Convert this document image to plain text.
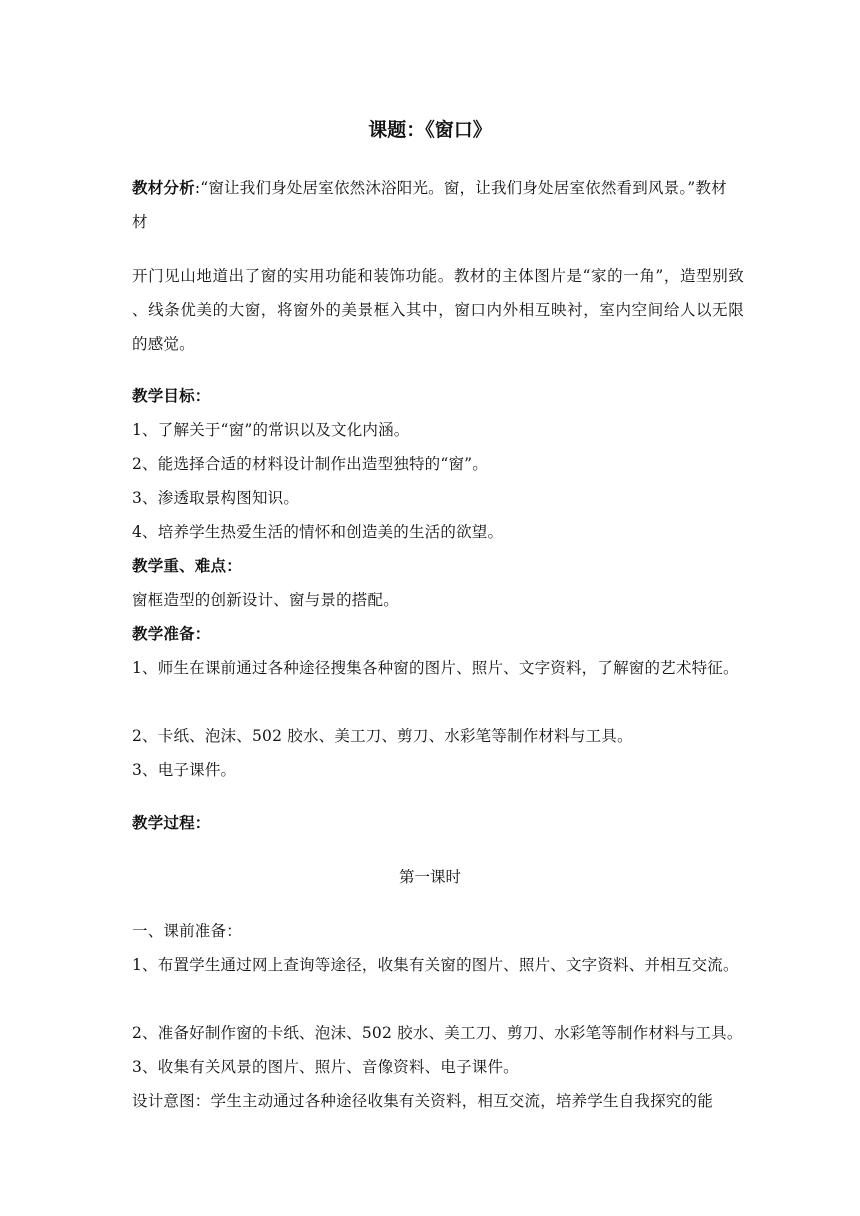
课题：《窗口》
教材分析:“窗让我们身处居室依然沐浴阳光。窗，让我们身处居室依然看到风景。”教材
材
开门见山地道出了窗的实用功能和装饰功能。教材的主体图片是“家的一角”，造型别致 、线条优美的大窗，将窗外的美景框入其中，窗口内外相互映衬，室内空间给人以无限的感觉。
教学目标：
1、了解关于“窗”的常识以及文化内涵。
2、能选择合适的材料设计制作出造型独特的“窗”。
3、渗透取景构图知识。
4、培养学生热爱生活的情怀和创造美的生活的欲望。
教学重、难点：
窗框造型的创新设计、窗与景的搭配。
教学准备：
1、师生在课前通过各种途径搜集各种窗的图片、照片、文字资料，了解窗的艺术特征。
2、卡纸、泡沫、502 胶水、美工刀、剪刀、水彩笔等制作材料与工具。
3、电子课件。
教学过程：
第一课时
一、课前准备：
1、布置学生通过网上查询等途径，收集有关窗的图片、照片、文字资料、并相互交流。
2、准备好制作窗的卡纸、泡沫、502 胶水、美工刀、剪刀、水彩笔等制作材料与工具。
3、收集有关风景的图片、照片、音像资料、电子课件。
设计意图：学生主动通过各种途径收集有关资料，相互交流，培养学生自我探究的能
